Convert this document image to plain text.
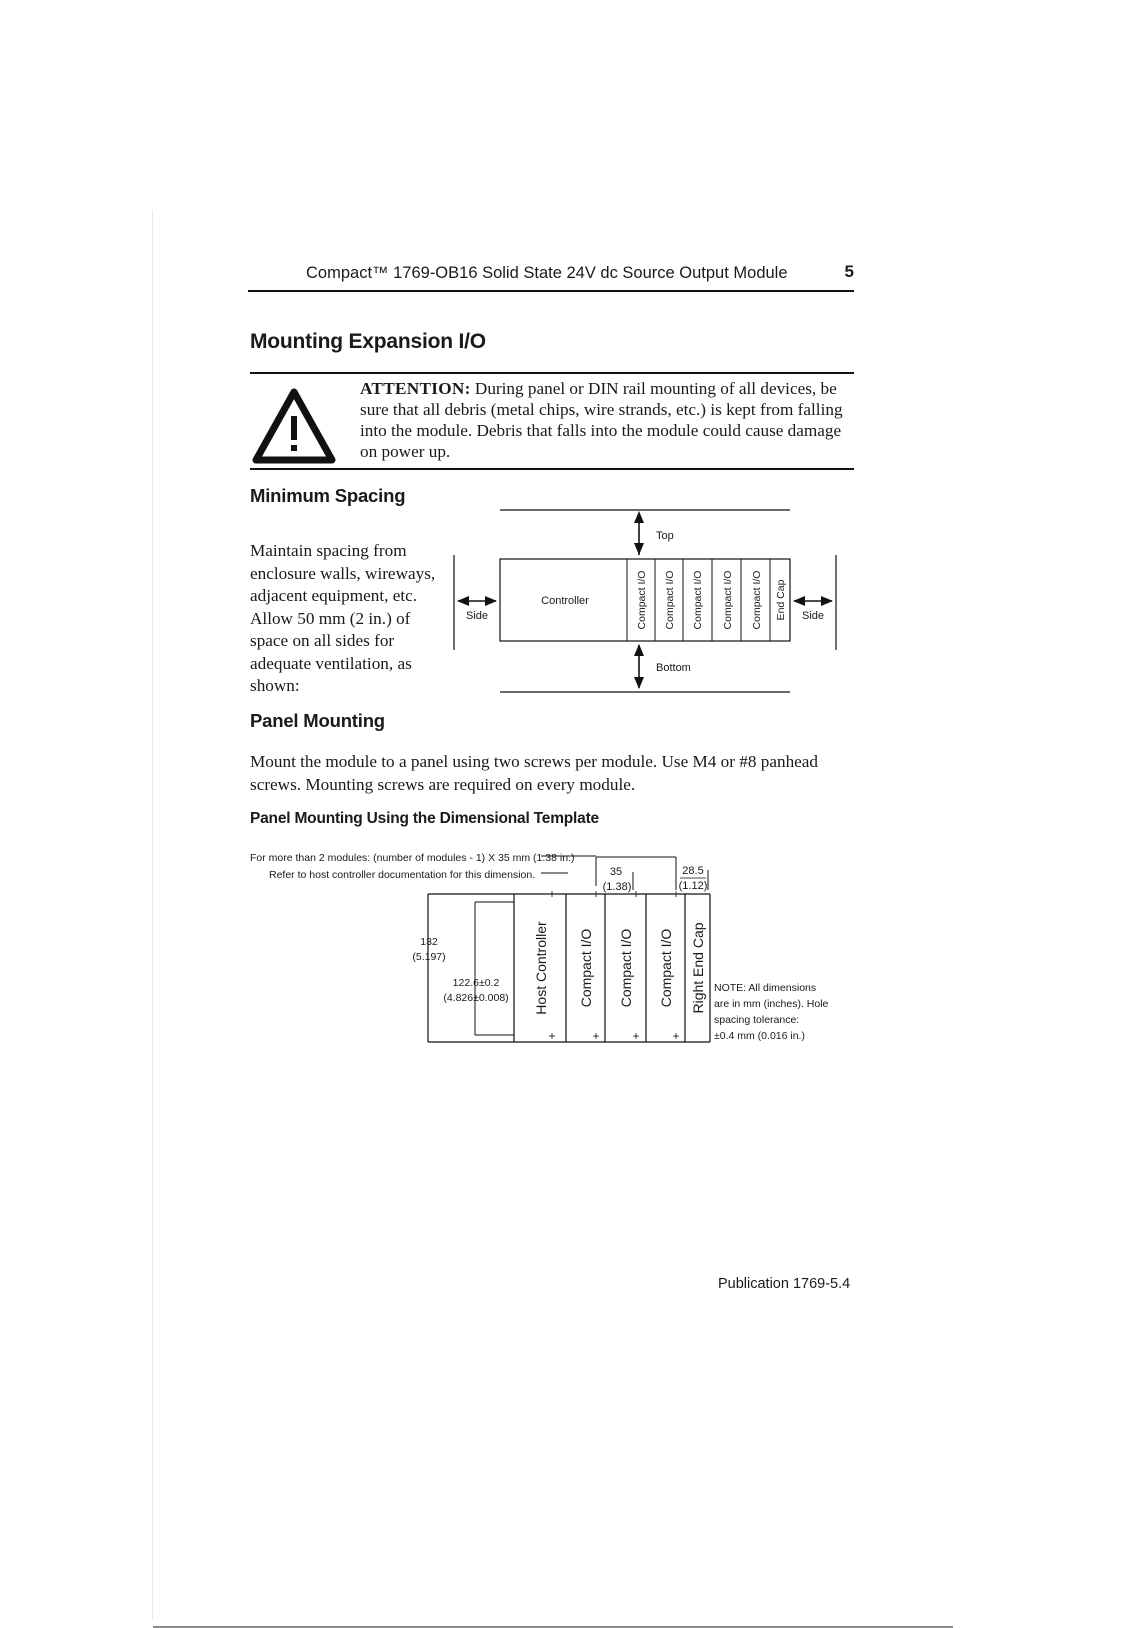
Compact™ 1769-OB16 Solid State 24V dc Source Output Module	5
Mounting Expansion I/O
ATTENTION: During panel or DIN rail mounting of all devices, be sure that all debris (metal chips, wire strands, etc.) is kept from falling into the module. Debris that falls into the module could cause damage on power up.
Minimum Spacing
Maintain spacing from enclosure walls, wireways, adjacent equipment, etc. Allow 50 mm (2 in.) of space on all sides for adequate ventilation, as shown:
Controller	Compact I/O Compact I/O Compact I/O Compact I/O Compact I/O End Cap
Top
Bottom
Side	Side
Panel Mounting
Mount the module to a panel using two screws per module. Use M4 or #8 panhead screws. Mounting screws are required on every module.
Panel Mounting Using the Dimensional Template
For more than 2 modules: (number of modules - 1) X 35 mm (1.38 in.)
Refer to host controller documentation for this dimension.	35
(1.38)
28.5
(1.12)
+	+	+	+
+	+	+	+
132
(5.197)
122.6±0.2
(4.826±0.008) Host Controller Compact I/O Compact I/O Compact I/O Right End Cap NOTE: All dimensions
are in mm (inches). Hole
spacing tolerance:
±0.4 mm (0.016 in.)
Publication 1769-5.4
